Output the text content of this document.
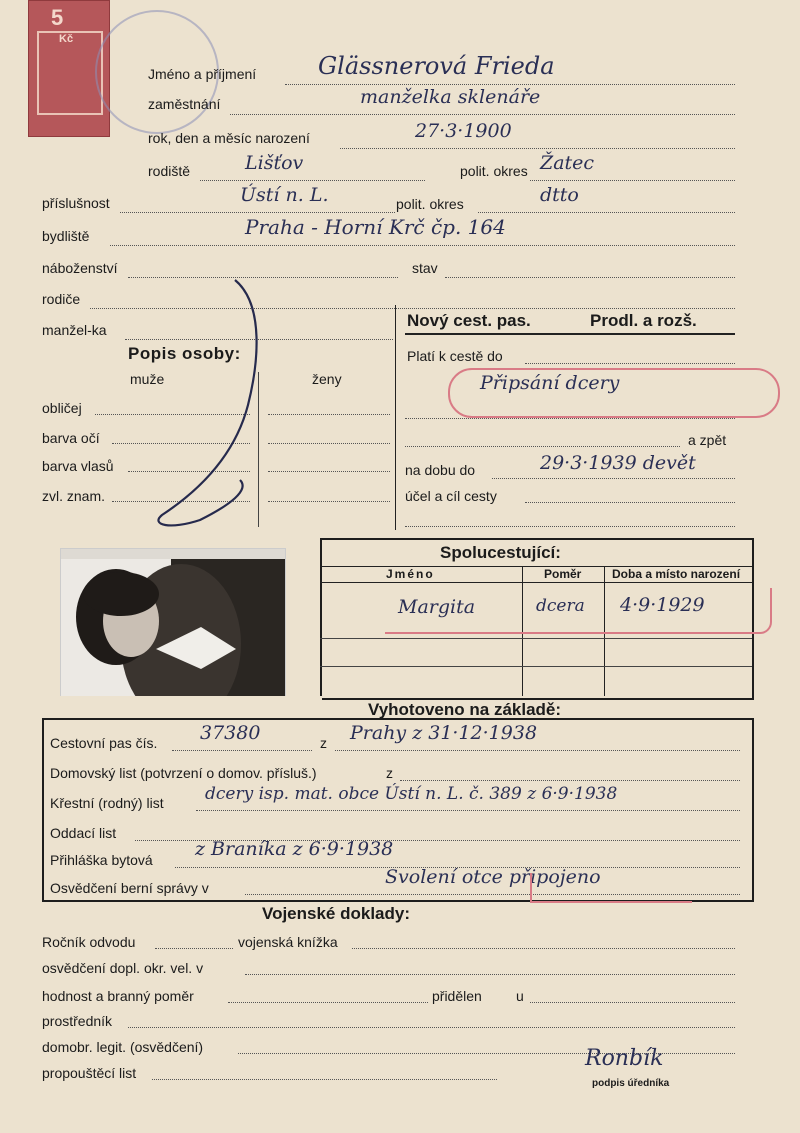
5
Kč
Jméno a příjmení	Glässnerová Frieda
zaměstnání	manželka sklenáře
rok, den a měsíc narození	27·3·1900
rodiště	Lišťov	polit. okres Žatec
příslušnost	Ústí n. L.	polit. okres	dtto
bydliště	Praha - Horní Krč čp. 164
náboženství	stav
rodiče
manžel-ka
Popis osoby:
muže	ženy
obličej
barva očí
barva vlasů
zvl. znam.
Nový cest. pas.	Prodl. a rozš.
Platí k cestě do
Připsání dcery
a zpět
na dobu do	29·3·1939 devět
účel a cíl cesty
Spolucestující:
Jméno	Poměr	Doba a místo narození
Margita	dcera 4·9·1929
Vyhotoveno na základě:
Cestovní pas čís. 37380	z Prahy z 31·12·1938
Domovský list (potvrzení o domov. přísluš.)	z
Křestní (rodný) list dcery isp. mat. obce Ústí n. L. č. 389 z 6·9·1938
Oddací list
Přihláška bytová z Braníka z 6·9·1938
Osvědčení berní správy v	Svolení otce připojeno
Vojenské doklady:
Ročník odvodu	vojenská knížka
osvědčení dopl. okr. vel. v
hodnost a branný poměr	přidělen u
prostředník
domobr. legit. (osvědčení)
propouštěcí list
Ronbík
podpis úředníka
